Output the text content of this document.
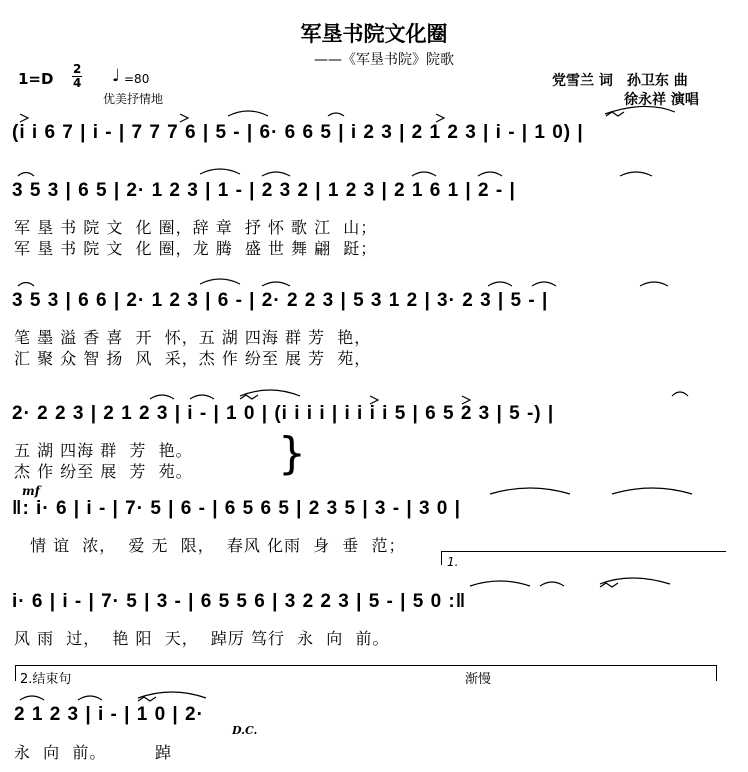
军垦书院文化圈
——《军垦书院》院歌
1=D
2
4 ♩ =80
优美抒情地
党雪兰 词　孙卫东 曲
徐永祥 演唱
(i i 6 7 | i - | 7 7 7 6 | 5 - | 6· 6 6 5 | i 2 3 | 2 1 2 3 | i - | 1 0) |
3 5 3 | 6 5 | 2· 1 2 3 | 1 - | 2 3 2 | 1 2 3 | 2 1 6 1 | 2 - |
军 垦 书 院 文  化 圈，辞 章  抒 怀 歌 江  山；
军 垦 书 院 文  化 圈，龙 腾  盛 世 舞 翩  跹；
3 5 3 | 6 6 | 2· 1 2 3 | 6 - | 2· 2 2 3 | 5 3 1 2 | 3· 2 3 | 5 - |
笔 墨 溢 香 喜  开  怀，五 湖 四海 群 芳  艳，
汇 聚 众 智 扬  风  采，杰 作 纷至 展 芳  苑，
2· 2 2 3 | 2 1 2 3 | i - | 1 0 | (i i i i | i i i i 5 | 6 5 2 3 | 5 -) |
五 湖 四海 群  芳  艳。
杰 作 纷至 展  芳  苑。 }
mf
‖: i· 6 | i - | 7· 5 | 6 - | 6 5 6 5 | 2 3 5 | 3 - | 3 0 |
情 谊  浓，  爱 无  限，  春风 化雨  身  垂  范；
1.
i· 6 | i - | 7· 5 | 3 - | 6 5 5 6 | 3 2 2 3 | 5 - | 5 0 :‖
风 雨  过，  艳 阳  天，  踔厉 笃行  永  向  前。
2.结束句	渐慢
2 1 2 3 | i - | 1 0 | 2·
D.C.
永  向  前。        踔
